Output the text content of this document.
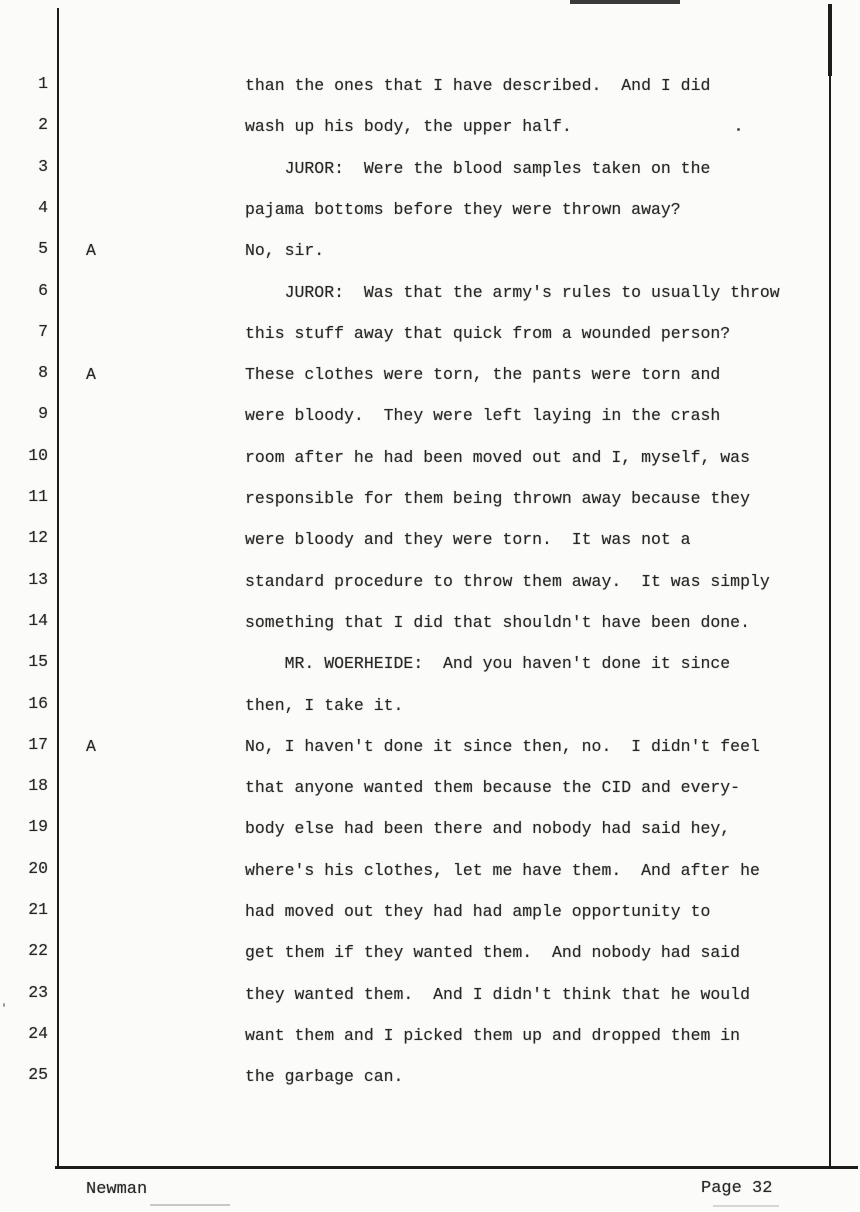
1	than the ones that I have described.  And I did
2	wash up his body, the upper half.
3	JUROR:  Were the blood samples taken on the
4	pajama bottoms before they were thrown away?
5 A	No, sir.
6	JUROR:  Was that the army's rules to usually throw
7	this stuff away that quick from a wounded person?
8 A	These clothes were torn, the pants were torn and
9	were bloody.  They were left laying in the crash
10	room after he had been moved out and I, myself, was
11	responsible for them being thrown away because they
12	were bloody and they were torn.  It was not a
13	standard procedure to throw them away.  It was simply
14	something that I did that shouldn't have been done.
15	MR. WOERHEIDE:  And you haven't done it since
16	then, I take it.
17 A	No, I haven't done it since then, no.  I didn't feel
18	that anyone wanted them because the CID and every-
19	body else had been there and nobody had said hey,
20	where's his clothes, let me have them.  And after he
21	had moved out they had had ample opportunity to
22	get them if they wanted them.  And nobody had said
23	they wanted them.  And I didn't think that he would
24	want them and I picked them up and dropped them in
25	the garbage can.
Newman	Page 32
